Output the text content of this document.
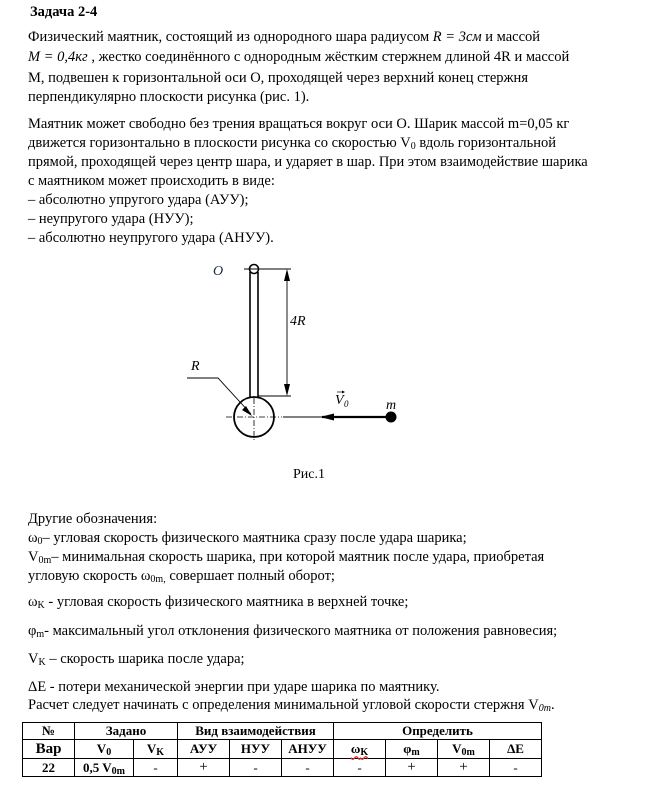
Задача 2-4
Физический маятник, состоящий из однородного шара радиусом R = 3см и массой
M = 0,4кг , жестко соединённого с однородным жёстким стержнем длиной 4R и массой
М, подвешен к горизонтальной оси О, проходящей через верхний конец стержня
перпендикулярно плоскости рисунка (рис. 1).
Маятник может свободно без трения вращаться вокруг оси О. Шарик массой m=0,05 кг
движется горизонтально в плоскости рисунка со скоростью $V_0$ вдоль горизонтальной
прямой, проходящей через центр шара, и ударяет в шар. При этом взаимодействие шарика
с маятником может происходить в виде:
– абсолютно упругого удара (АУУ);
– неупругого удара (НУУ);
– абсолютно неупругого удара (АНУУ).
O
4R
R
V 0	m
Рис.1
Другие обозначения:
$\omega_0-$ угловая скорость физического маятника сразу после удара шарика;
$V_{0m}-$ минимальная скорость шарика, при которой маятник после удара, приобретая
угловую скорость $\omega_{0m,}$ совершает полный оборот;
$\omega_K$ - угловая скорость физического маятника в верхней точке;
$\varphi_m-$ максимальный угол отклонения физического маятника от положения равновесия;
$V_K$ – скорость шарика после удара;
ΔЕ - потери механической энергии при ударе шарика по маятнику.
Расчет следует начинать с определения минимальной угловой скорости стержня $V_{0m}$.
№	Задано		Вид взаимодействия			Определить			
Вар	$V_0$	$V_K$	АУУ	НУУ	АНУУ	$\omega_K$	$\varphi_m$	$V_{0m}$	ΔE
22	0,5 $V_{0m}$	-	+	-	-	-	+	+	-
